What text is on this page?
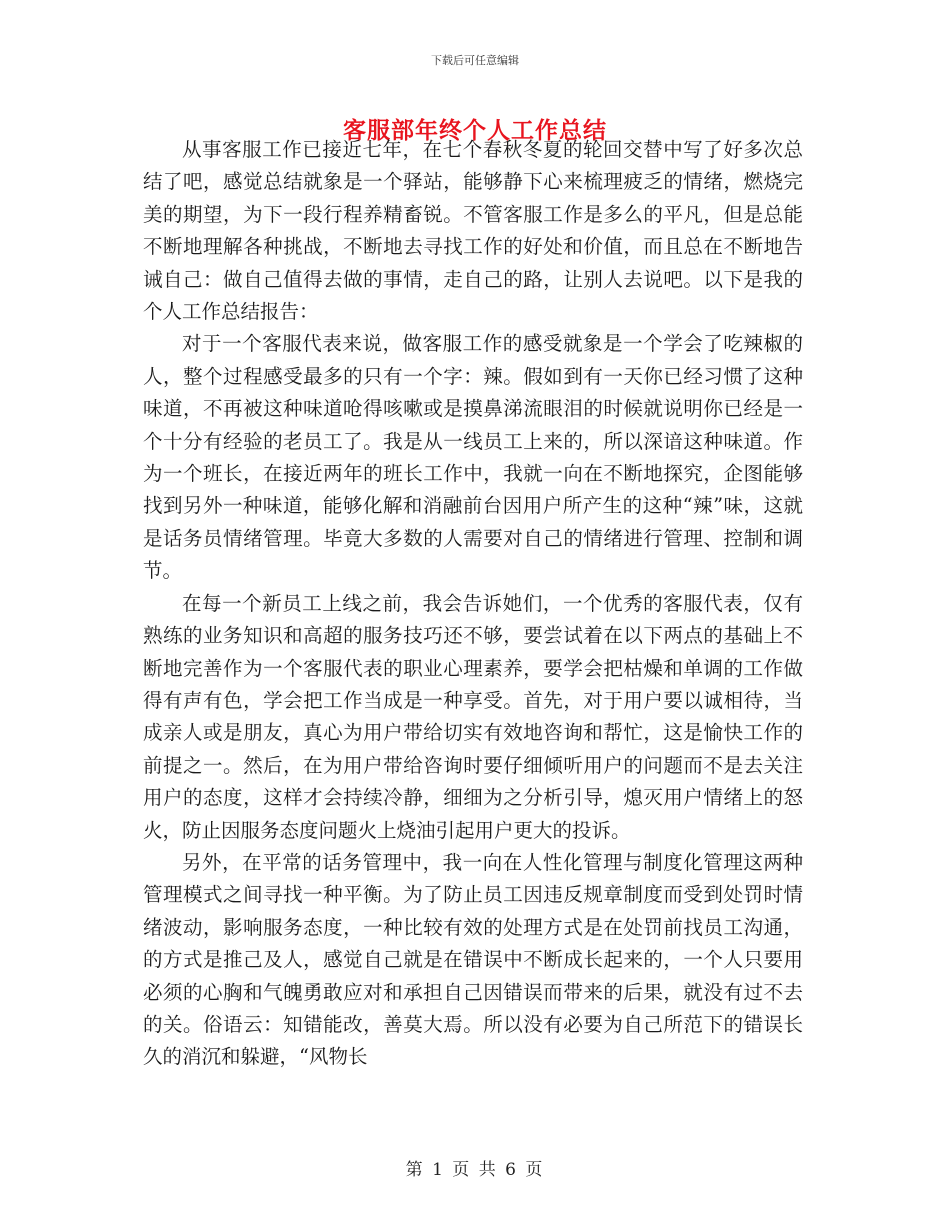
下载后可任意编辑
客服部年终个人工作总结

从事客服工作已接近七年，在七个春秋冬夏的轮回交替中写了好多次总结了吧，感觉总结就象是一个驿站，能够静下心来梳理疲乏的情绪，燃烧完美的期望，为下一段行程养精畜锐。不管客服工作是多么的平凡，但是总能不断地理解各种挑战，不断地去寻找工作的好处和价值，而且总在不断地告诫自己：做自己值得去做的事情，走自己的路，让别人去说吧。以下是我的个人工作总结报告：

对于一个客服代表来说，做客服工作的感受就象是一个学会了吃辣椒的人，整个过程感受最多的只有一个字：辣。假如到有一天你已经习惯了这种味道，不再被这种味道呛得咳嗽或是摸鼻涕流眼泪的时候就说明你已经是一个十分有经验的老员工了。我是从一线员工上来的，所以深谙这种味道。作为一个班长，在接近两年的班长工作中，我就一向在不断地探究，企图能够找到另外一种味道，能够化解和消融前台因用户所产生的这种“辣”味，这就是话务员情绪管理。毕竟大多数的人需要对自己的情绪进行管理、控制和调节。

在每一个新员工上线之前，我会告诉她们，一个优秀的客服代表，仅有熟练的业务知识和高超的服务技巧还不够，要尝试着在以下两点的基础上不断地完善作为一个客服代表的职业心理素养，要学会把枯燥和单调的工作做得有声有色，学会把工作当成是一种享受。首先，对于用户要以诚相待，当成亲人或是朋友，真心为用户带给切实有效地咨询和帮忙，这是愉快工作的前提之一。然后，在为用户带给咨询时要仔细倾听用户的问题而不是去关注用户的态度，这样才会持续冷静，细细为之分析引导，熄灭用户情绪上的怒火，防止因服务态度问题火上烧油引起用户更大的投诉。

另外，在平常的话务管理中，我一向在人性化管理与制度化管理这两种管理模式之间寻找一种平衡。为了防止员工因违反规章制度而受到处罚时情绪波动，影响服务态度，一种比较有效的处理方式是在处罚前找员工沟通，的方式是推己及人，感觉自己就是在错误中不断成长起来的，一个人只要用必须的心胸和气魄勇敢应对和承担自己因错误而带来的后果，就没有过不去的关。俗语云：知错能改，善莫大焉。所以没有必要为自己所范下的错误长久的消沉和躲避，“风物长

第 1 页 共 6 页
